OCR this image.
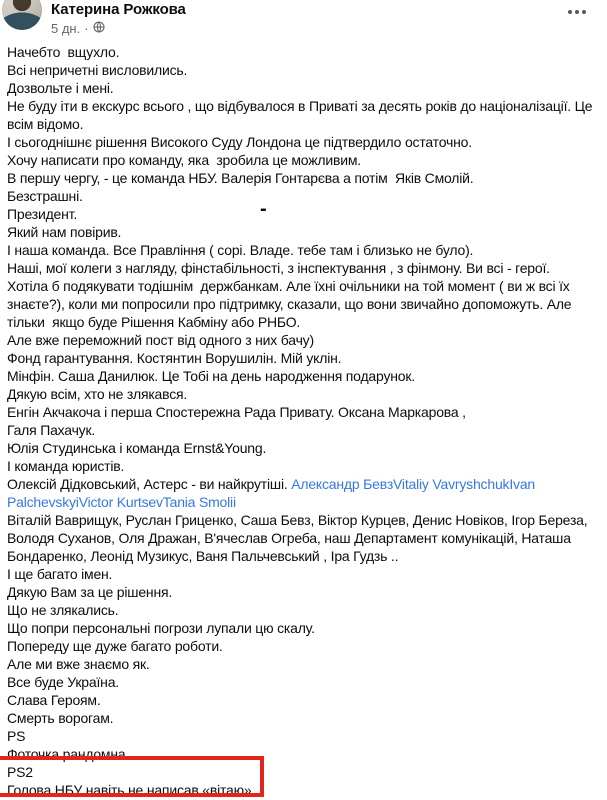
Катерина Рожкова
5 дн. ·
Начебто  вщухло.
Всі непричетні висловились.
Дозвольте і мені.
Не буду іти в екскурс всього , що відбувалося в Приваті за десять років до націоналізації. Це
всім відомо.
І сьогоднішнє рішення Високого Суду Лондона це підтвердило остаточно.
Хочу написати про команду, яка  зробила це можливим.
В першу чергу, - це команда НБУ. Валерія Гонтарєва а потім  Яків Смолій.
Безстрашні.
Президент.
Який нам повірив.
І наша команда. Все Правління ( сорі. Владе. тебе там і близько не було).
Наші, мої колеги з нагляду, фінстабільності, з інспектування , з фінмону. Ви всі - герої.
Хотіла б подякувати тодішнім  держбанкам. Але їхні очільники на той момент ( ви ж всі їх
знаєте?), коли ми попросили про підтримку, сказали, що вони звичайно допоможуть. Але
тільки  якщо буде Рішення Кабміну або РНБО.
Але вже переможний пост від одного з них бачу)
Фонд гарантування. Костянтин Ворушилін. Мій уклін.
Мінфін. Саша Данилюк. Це Тобі на день народження подарунок.
Дякую всім, хто не злякався.
Енгін Акчакоча і перша Спостережна Рада Привату. Оксана Маркарова ,
Галя Пахачук.
Юлія Студинська і команда Ernst&Young.
І команда юристів.
Олексій Дідковський, Астерс - ви найкрутіші. Александр БевзVitaliy VavryshchukIvan
PalchevskyiVictor KurtsevTania Smolii
Віталій Ваврищук, Руслан Гриценко, Саша Бевз, Віктор Курцев, Денис Новіков, Ігор Береза,
Володя Суханов, Оля Дражан, В'ячеслав Огреба, наш Департамент комунікацій, Наташа
Бондаренко, Леонід Музикус, Ваня Пальчевський , Іра Гудзь ..
І ще багато імен.
Дякую Вам за це рішення.
Що не злякались.
Що попри персональні погрози лупали цю скалу.
Попереду ще дуже багато роботи.
Але ми вже знаємо як.
Все буде Україна.
Слава Героям.
Смерть ворогам.
PS
Фоточка рандомна
PS2
Голова НБУ навіть не написав «вітаю»
-
